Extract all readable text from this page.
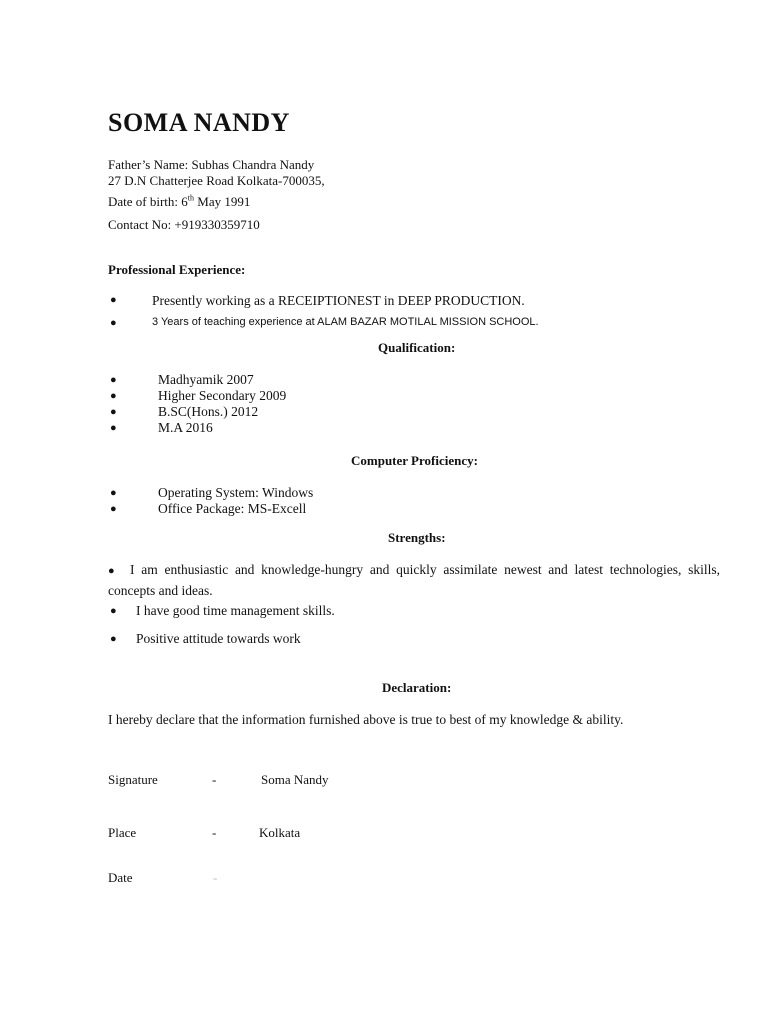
SOMA NANDY
Father’s Name: Subhas Chandra Nandy
27 D.N Chatterjee Road Kolkata-700035,
Date of birth: 6th May 1991
Contact No: +919330359710
Professional Experience:
●	Presently working as a RECEIPTIONEST in DEEP PRODUCTION.
●	3 Years of teaching experience at ALAM BAZAR MOTILAL MISSION SCHOOL.
Qualification:
●	Madhyamik 2007
●	Higher Secondary 2009
●	B.SC(Hons.) 2012
●	M.A 2016
Computer Proficiency:
●	Operating System: Windows
●	Office Package: MS-Excell
Strengths:
● I am enthusiastic and knowledge-hungry and quickly assimilate newest and latest technologies, skills, concepts and ideas.
● I have good time management skills.
● Positive attitude towards work
Declaration:
I hereby declare that the information furnished above is true to best of my knowledge & ability.
Signature	-	Soma Nandy
Place	-	Kolkata
Date	-
